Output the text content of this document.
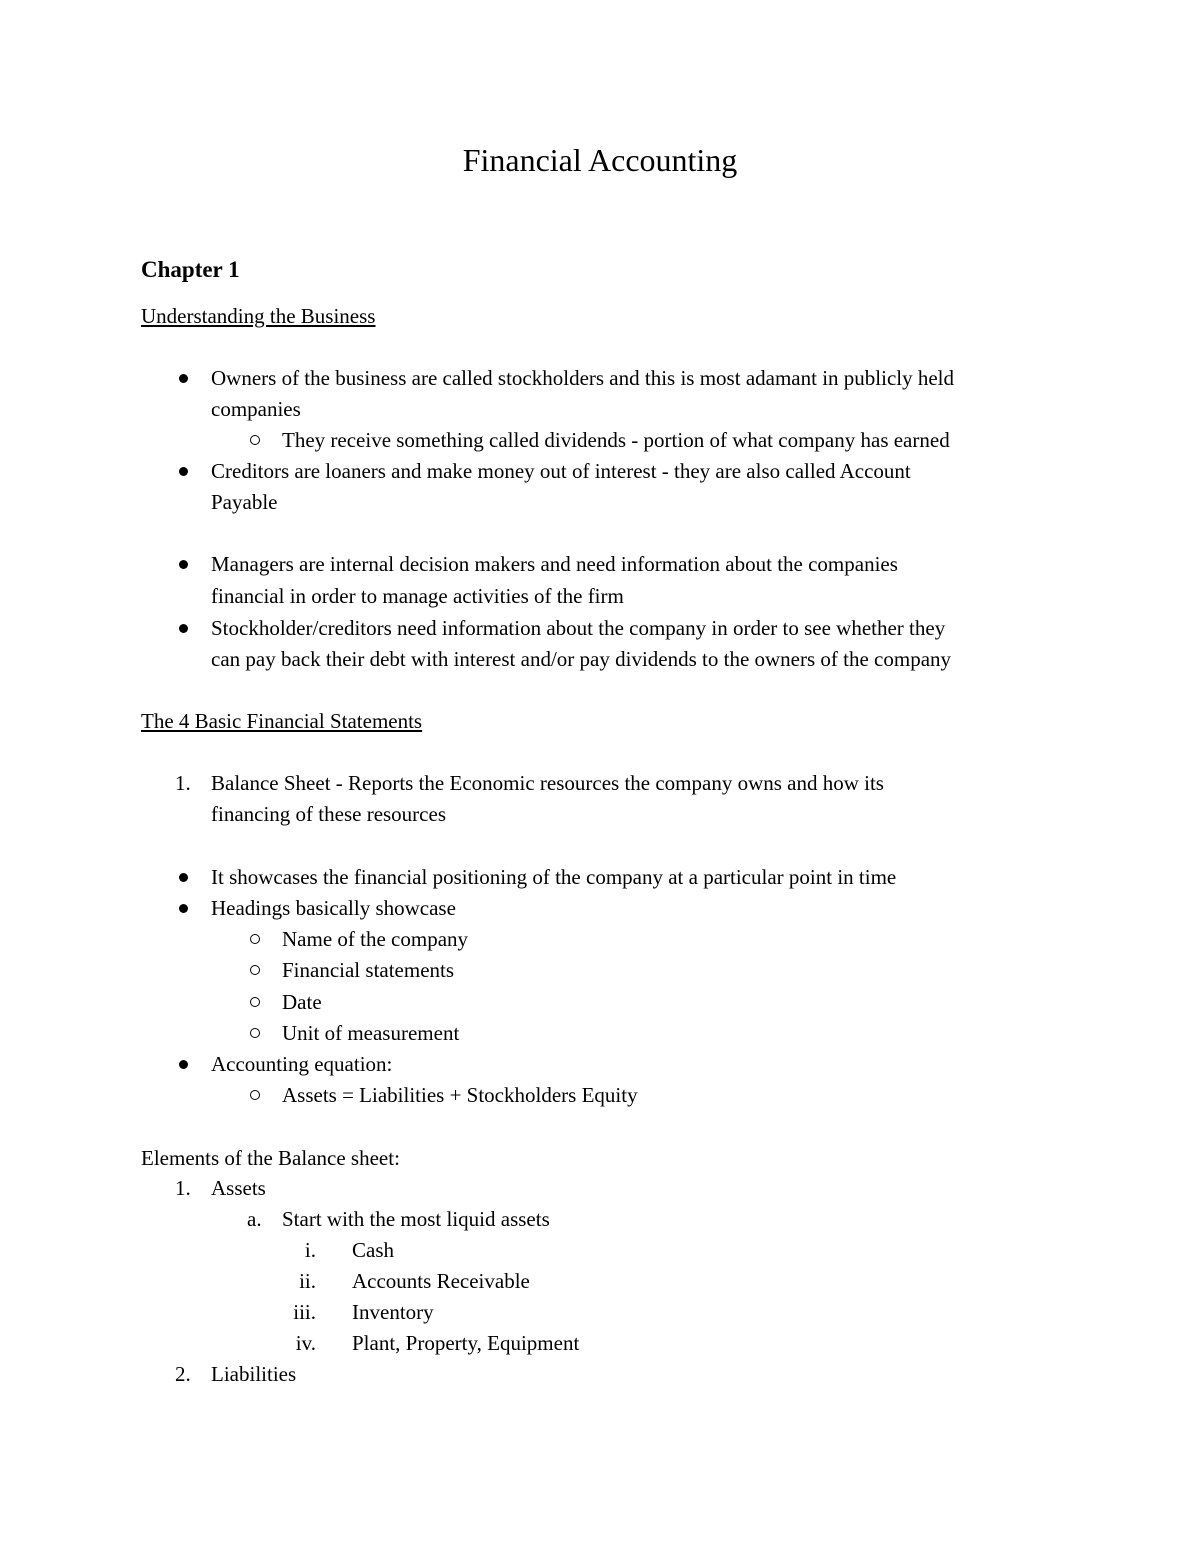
Financial Accounting
Chapter 1
Understanding the Business
Owners of the business are called stockholders and this is most adamant in publicly held
companies
They receive something called dividends - portion of what company has earned
Creditors are loaners and make money out of interest - they are also called Account
Payable
Managers are internal decision makers and need information about the companies
financial in order to manage activities of the firm
Stockholder/creditors need information about the company in order to see whether they
can pay back their debt with interest and/or pay dividends to the owners of the company
The 4 Basic Financial Statements
1. Balance Sheet - Reports the Economic resources the company owns and how its
financing of these resources
It showcases the financial positioning of the company at a particular point in time
Headings basically showcase
Name of the company
Financial statements
Date
Unit of measurement
Accounting equation:
Assets = Liabilities + Stockholders Equity
Elements of the Balance sheet:
1. Assets
a. Start with the most liquid assets
i. Cash
ii. Accounts Receivable
iii. Inventory
iv. Plant, Property, Equipment
2. Liabilities
